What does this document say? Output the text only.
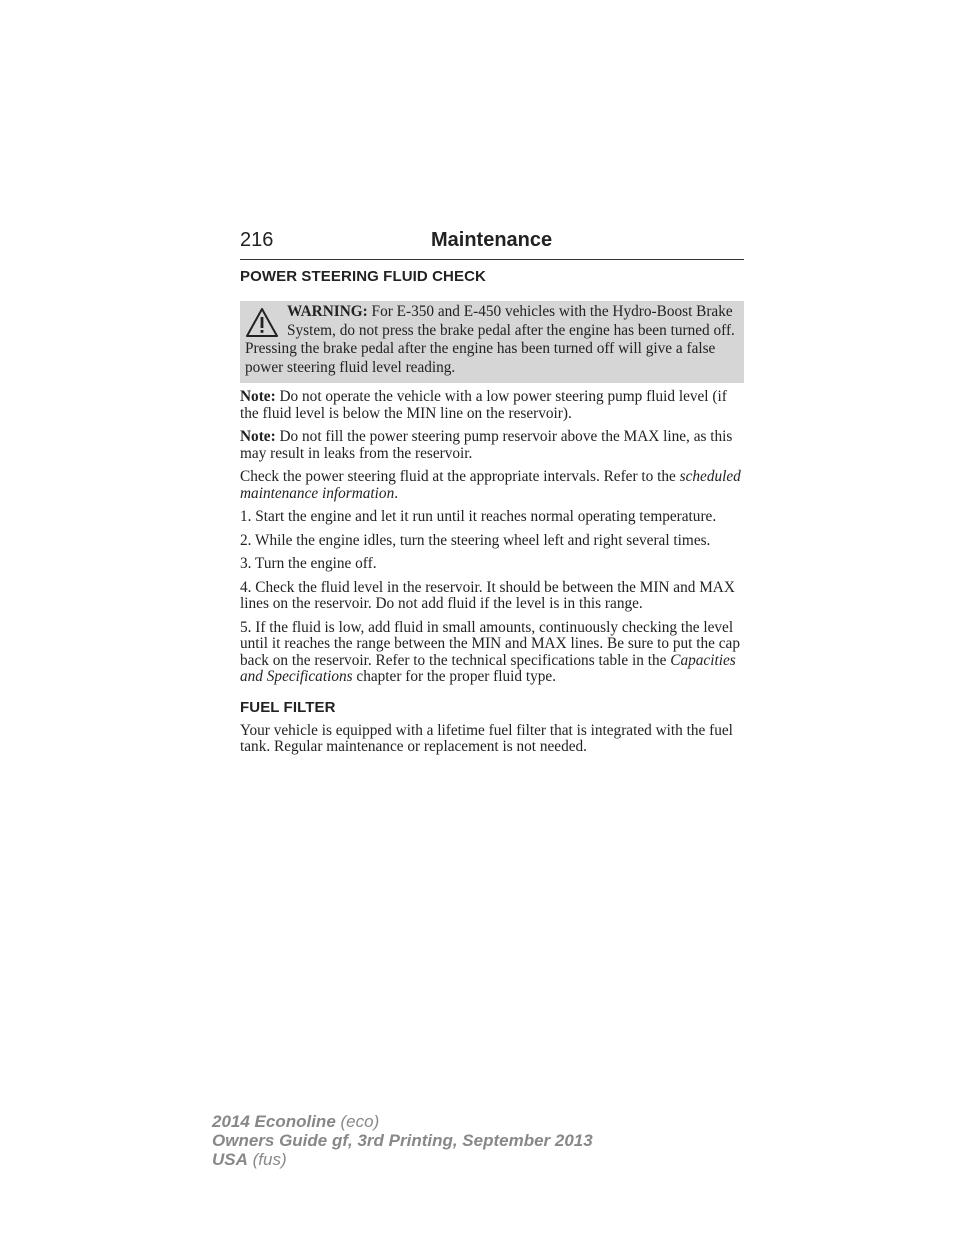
216	Maintenance
POWER STEERING FLUID CHECK
WARNING: For E-350 and E-450 vehicles with the Hydro-Boost Brake System, do not press the brake pedal after the engine has been turned off. Pressing the brake pedal after the engine has been turned off will give a false power steering fluid level reading.

Note: Do not operate the vehicle with a low power steering pump fluid level (if the fluid level is below the MIN line on the reservoir).

Note: Do not fill the power steering pump reservoir above the MAX line, as this may result in leaks from the reservoir.

Check the power steering fluid at the appropriate intervals. Refer to the scheduled maintenance information.

1. Start the engine and let it run until it reaches normal operating temperature.

2. While the engine idles, turn the steering wheel left and right several times.

3. Turn the engine off.

4. Check the fluid level in the reservoir. It should be between the MIN and MAX lines on the reservoir. Do not add fluid if the level is in this range.

5. If the fluid is low, add fluid in small amounts, continuously checking the level until it reaches the range between the MIN and MAX lines. Be sure to put the cap back on the reservoir. Refer to the technical specifications table in the Capacities and Specifications chapter for the proper fluid type.

FUEL FILTER

Your vehicle is equipped with a lifetime fuel filter that is integrated with the fuel tank. Regular maintenance or replacement is not needed.

2014 Econoline (eco)
Owners Guide gf, 3rd Printing, September 2013
USA (fus)
